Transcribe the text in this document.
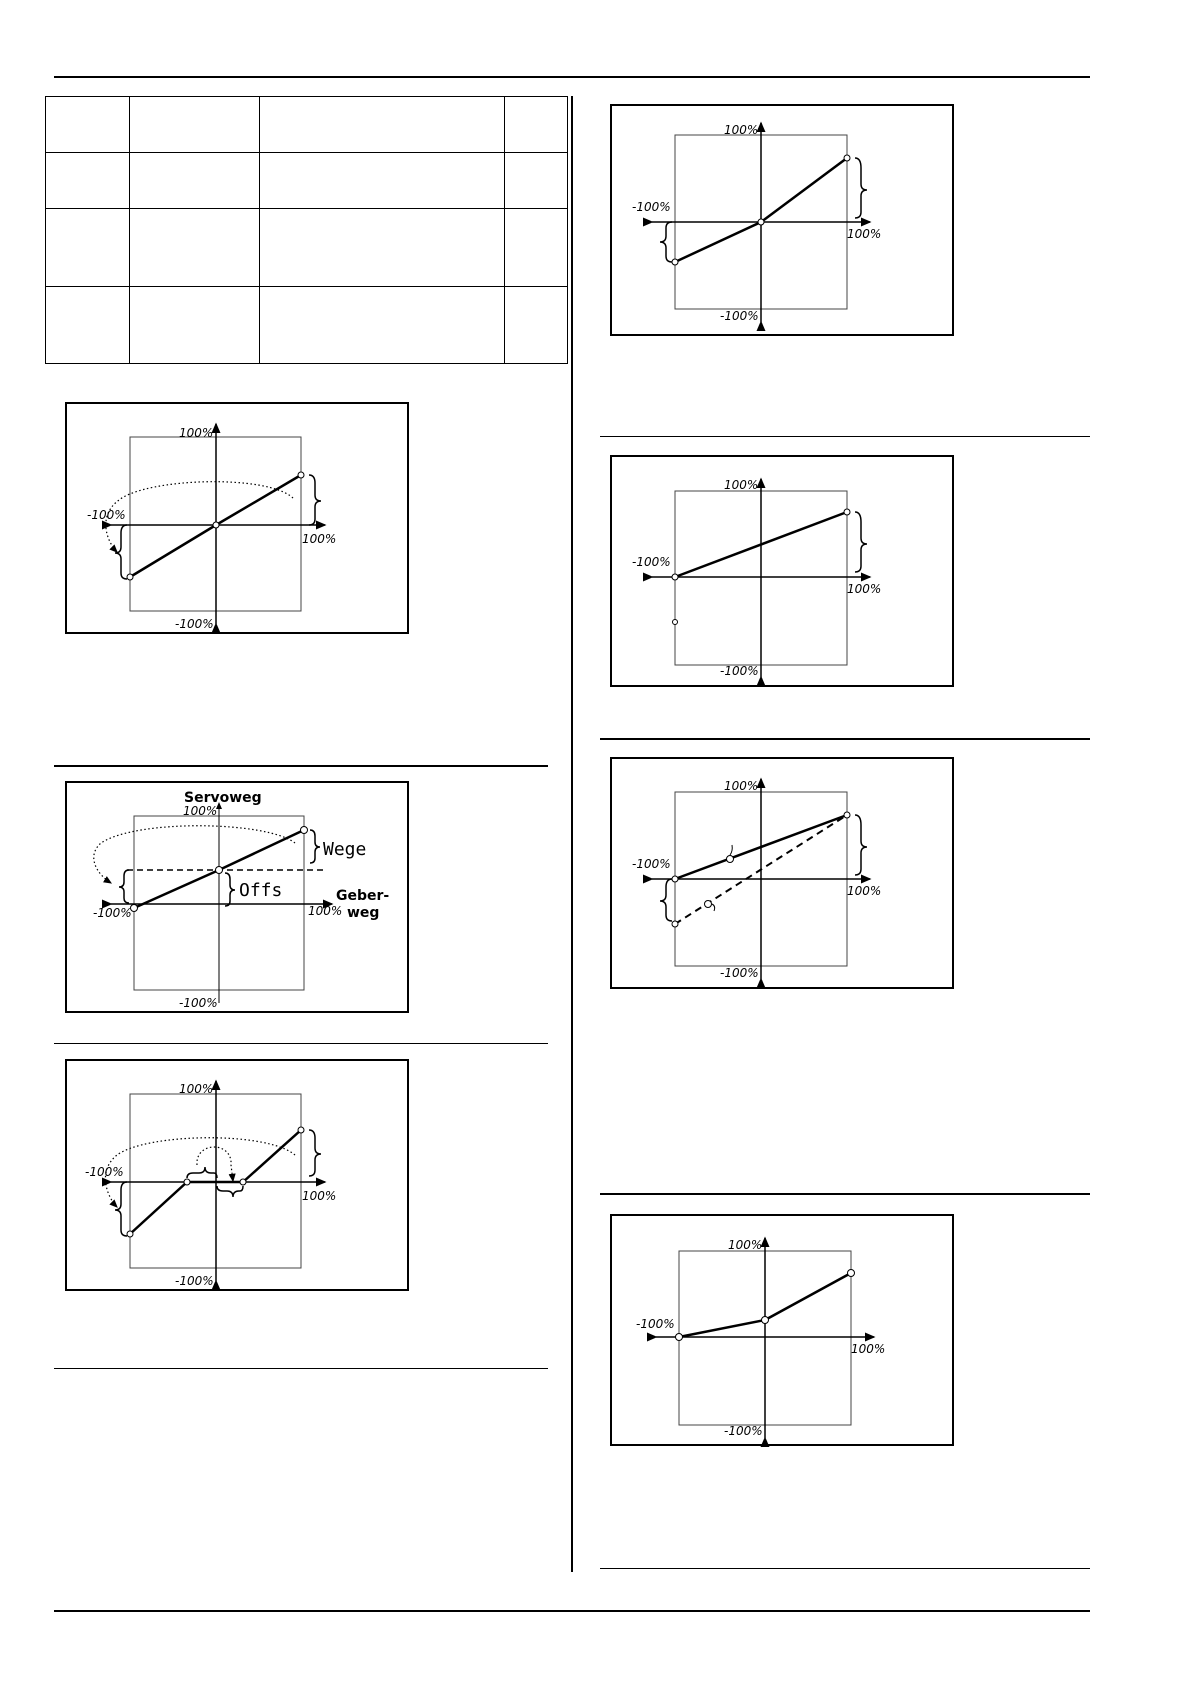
100%
-100%
100%
-100%
Servoweg
100%
Wege
Offs	Geber-
weg
-100%	100%
-100%
100%
-100%
100%
-100%
100%
-100%
100%
-100%
100%
-100%
100%
-100%
100%
-100%
100%
-100%
100%
-100%
100%
-100%
